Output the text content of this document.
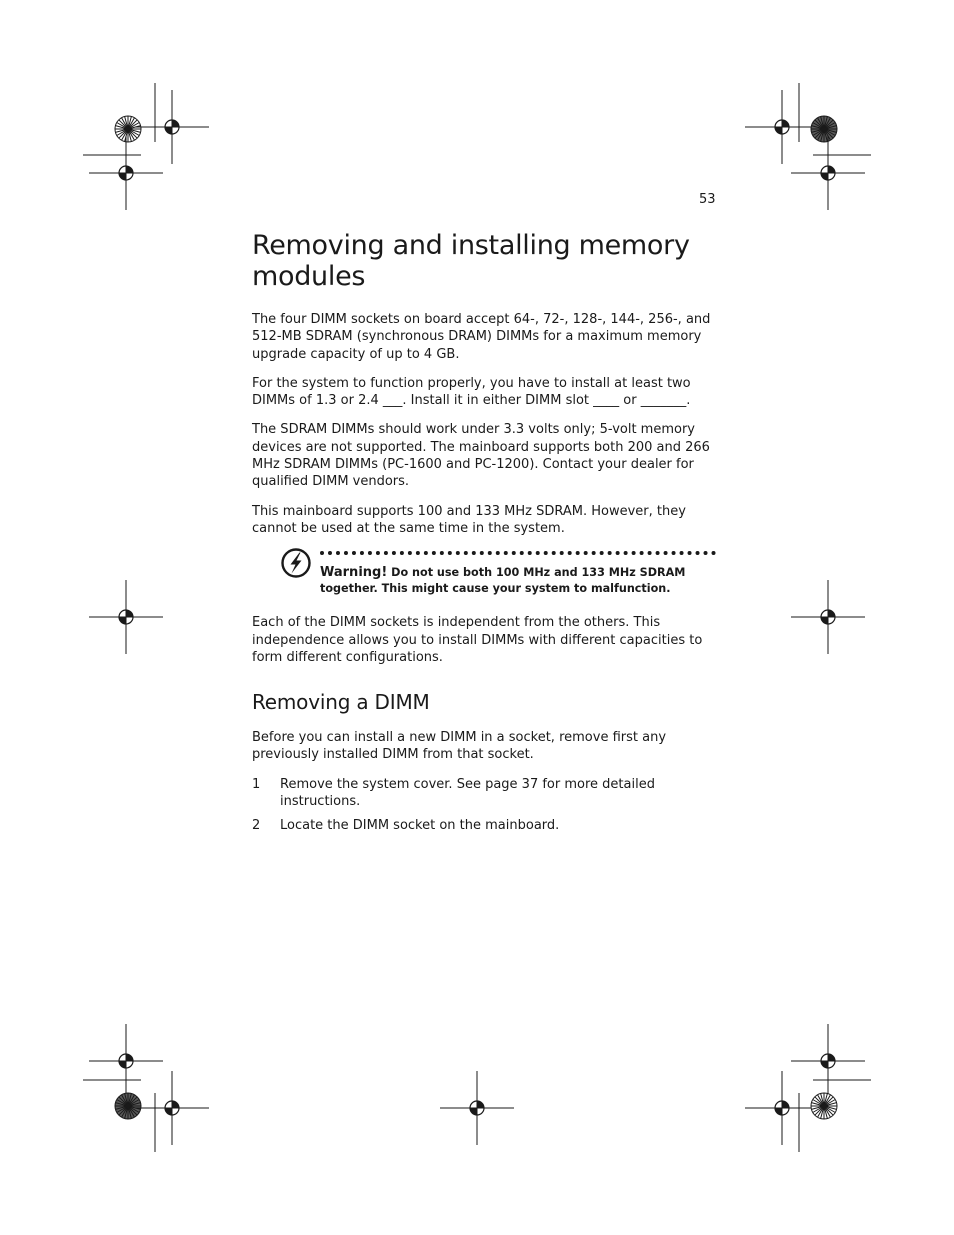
53
Removing and installing memory modules

The four DIMM sockets on board accept 64-, 72-, 128-, 144-, 256-, and 512-MB SDRAM (synchronous DRAM) DIMMs for a maximum memory upgrade capacity of up to 4 GB.

For the system to function properly, you have to install at least two DIMMs of 1.3 or 2.4 ___. Install it in either DIMM slot ____ or _______.

The SDRAM DIMMs should work under 3.3 volts only; 5-volt memory devices are not supported. The mainboard supports both 200 and 266 MHz SDRAM DIMMs (PC-1600 and PC-1200). Contact your dealer for qualified DIMM vendors.

This mainboard supports 100 and 133 MHz SDRAM. However, they cannot be used at the same time in the system.

Warning! Do not use both 100 MHz and 133 MHz SDRAM together. This might cause your system to malfunction.

Each of the DIMM sockets is independent from the others. This independence allows you to install DIMMs with different capacities to form different configurations.

Removing a DIMM

Before you can install a new DIMM in a socket, remove first any previously installed DIMM from that socket.

1 Remove the system cover. See page 37 for more detailed instructions.
2 Locate the DIMM socket on the mainboard.
